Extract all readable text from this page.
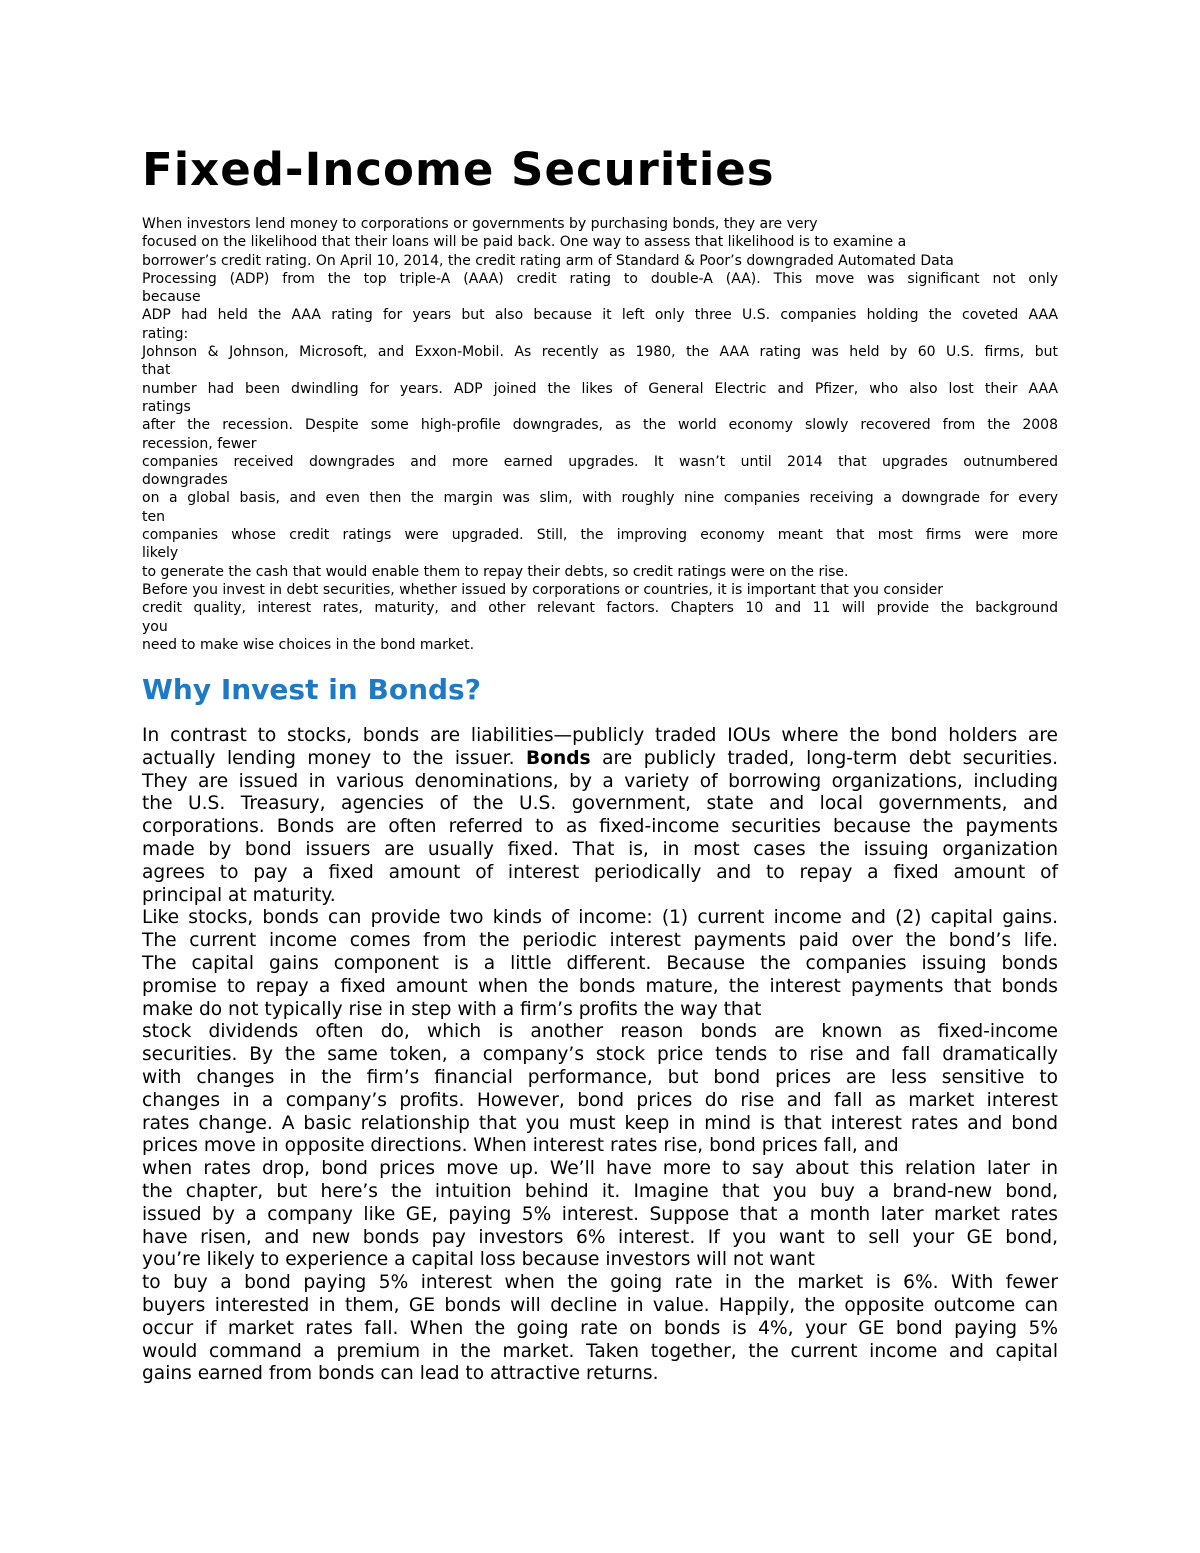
Fixed-Income Securities
When investors lend money to corporations or governments by purchasing bonds, they are very
focused on the likelihood that their loans will be paid back. One way to assess that likelihood is to examine a
borrower’s credit rating. On April 10, 2014, the credit rating arm of Standard & Poor’s downgraded Automated Data
Processing (ADP) from the top triple-A (AAA) credit rating to double-A (AA). This move was significant not only
because
ADP had held the AAA rating for years but also because it left only three U.S. companies holding the coveted AAA
rating:
Johnson & Johnson, Microsoft, and Exxon-Mobil. As recently as 1980, the AAA rating was held by 60 U.S. firms, but
that
number had been dwindling for years. ADP joined the likes of General Electric and Pfizer, who also lost their AAA
ratings
after the recession. Despite some high-profile downgrades, as the world economy slowly recovered from the 2008
recession, fewer
companies received downgrades and more earned upgrades. It wasn’t until 2014 that upgrades outnumbered
downgrades
on a global basis, and even then the margin was slim, with roughly nine companies receiving a downgrade for every
ten
companies whose credit ratings were upgraded. Still, the improving economy meant that most firms were more
likely
to generate the cash that would enable them to repay their debts, so credit ratings were on the rise.
Before you invest in debt securities, whether issued by corporations or countries, it is important that you consider
credit quality, interest rates, maturity, and other relevant factors. Chapters 10 and 11 will provide the background
you
need to make wise choices in the bond market.
Why Invest in Bonds?
In contrast to stocks, bonds are liabilities—publicly traded IOUs where the bond holders are
actually lending money to the issuer. Bonds are publicly traded, long-term debt securities.
They are issued in various denominations, by a variety of borrowing organizations, including
the U.S. Treasury, agencies of the U.S. government, state and local governments, and
corporations. Bonds are often referred to as fixed-income securities because the payments
made by bond issuers are usually fixed. That is, in most cases the issuing organization
agrees to pay a fixed amount of interest periodically and to repay a fixed amount of
principal at maturity.
Like stocks, bonds can provide two kinds of income: (1) current income and (2) capital gains.
The current income comes from the periodic interest payments paid over the bond’s life.
The capital gains component is a little different. Because the companies issuing bonds
promise to repay a fixed amount when the bonds mature, the interest payments that bonds
make do not typically rise in step with a firm’s profits the way that
stock dividends often do, which is another reason bonds are known as fixed-income
securities. By the same token, a company’s stock price tends to rise and fall dramatically
with changes in the firm’s financial performance, but bond prices are less sensitive to
changes in a company’s profits. However, bond prices do rise and fall as market interest
rates change. A basic relationship that you must keep in mind is that interest rates and bond
prices move in opposite directions. When interest rates rise, bond prices fall, and
when rates drop, bond prices move up. We’ll have more to say about this relation later in
the chapter, but here’s the intuition behind it. Imagine that you buy a brand-new bond,
issued by a company like GE, paying 5% interest. Suppose that a month later market rates
have risen, and new bonds pay investors 6% interest. If you want to sell your GE bond,
you’re likely to experience a capital loss because investors will not want
to buy a bond paying 5% interest when the going rate in the market is 6%. With fewer
buyers interested in them, GE bonds will decline in value. Happily, the opposite outcome can
occur if market rates fall. When the going rate on bonds is 4%, your GE bond paying 5%
would command a premium in the market. Taken together, the current income and capital
gains earned from bonds can lead to attractive returns.
